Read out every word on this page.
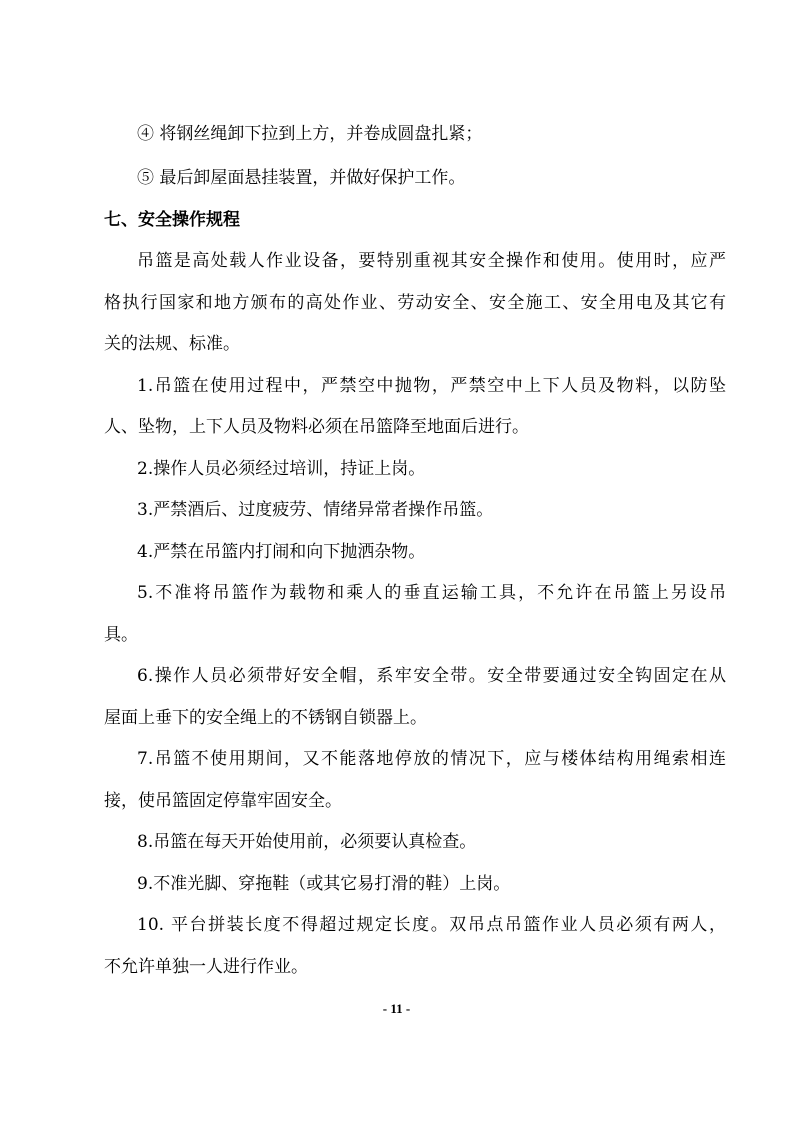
④ 将钢丝绳卸下拉到上方，并卷成圆盘扎紧；
⑤ 最后卸屋面悬挂装置，并做好保护工作。
七、安全操作规程
吊篮是高处载人作业设备，要特别重视其安全操作和使用。使用时，应严
格执行国家和地方颁布的高处作业、劳动安全、安全施工、安全用电及其它有
关的法规、标准。
1.吊篮在使用过程中，严禁空中抛物，严禁空中上下人员及物料，以防坠
人、坠物，上下人员及物料必须在吊篮降至地面后进行。
2.操作人员必须经过培训，持证上岗。
3.严禁酒后、过度疲劳、情绪异常者操作吊篮。
4.严禁在吊篮内打闹和向下抛洒杂物。
5.不准将吊篮作为载物和乘人的垂直运输工具，不允许在吊篮上另设吊
具。
6.操作人员必须带好安全帽，系牢安全带。安全带要通过安全钩固定在从
屋面上垂下的安全绳上的不锈钢自锁器上。
7.吊篮不使用期间，又不能落地停放的情况下，应与楼体结构用绳索相连
接，使吊篮固定停靠牢固安全。
8.吊篮在每天开始使用前，必须要认真检查。
9.不准光脚、穿拖鞋（或其它易打滑的鞋）上岗。
10. 平台拼装长度不得超过规定长度。双吊点吊篮作业人员必须有两人，
不允许单独一人进行作业。
- 11 -
